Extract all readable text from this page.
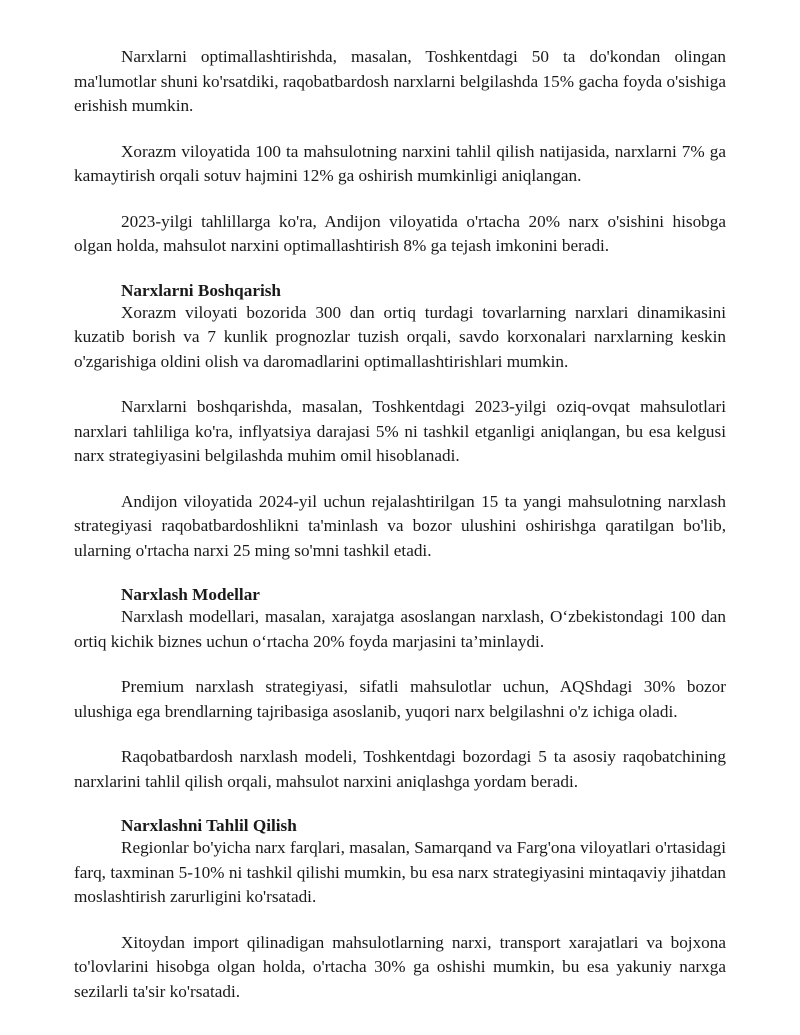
Narxlarni optimallashtirishda, masalan, Toshkentdagi 50 ta do'kondan olingan ma'lumotlar shuni ko'rsatdiki, raqobatbardosh narxlarni belgilashda 15% gacha foyda o'sishiga erishish mumkin.

Xorazm viloyatida 100 ta mahsulotning narxini tahlil qilish natijasida, narxlarni 7% ga kamaytirish orqali sotuv hajmini 12% ga oshirish mumkinligi aniqlangan.

2023-yilgi tahlillarga ko'ra, Andijon viloyatida o'rtacha 20% narx o'sishini hisobga olgan holda, mahsulot narxini optimallashtirish 8% ga tejash imkonini beradi.

Narxlarni Boshqarish

Xorazm viloyati bozorida 300 dan ortiq turdagi tovarlarning narxlari dinamikasini kuzatib borish va 7 kunlik prognozlar tuzish orqali, savdo korxonalari narxlarning keskin o'zgarishiga oldini olish va daromadlarini optimallashtirishlari mumkin.

Narxlarni boshqarishda, masalan, Toshkentdagi 2023-yilgi oziq-ovqat mahsulotlari narxlari tahliliga ko'ra, inflyatsiya darajasi 5% ni tashkil etganligi aniqlangan, bu esa kelgusi narx strategiyasini belgilashda muhim omil hisoblanadi.

Andijon viloyatida 2024-yil uchun rejalashtirilgan 15 ta yangi mahsulotning narxlash strategiyasi raqobatbardoshlikni ta'minlash va bozor ulushini oshirishga qaratilgan bo'lib, ularning o'rtacha narxi 25 ming so'mni tashkil etadi.

Narxlash Modellar

Narxlash modellari, masalan, xarajatga asoslangan narxlash, O‘zbekistondagi 100 dan ortiq kichik biznes uchun o‘rtacha 20% foyda marjasini ta’minlaydi.

Premium narxlash strategiyasi, sifatli mahsulotlar uchun, AQShdagi 30% bozor ulushiga ega brendlarning tajribasiga asoslanib, yuqori narx belgilashni o'z ichiga oladi.

Raqobatbardosh narxlash modeli, Toshkentdagi bozordagi 5 ta asosiy raqobatchining narxlarini tahlil qilish orqali, mahsulot narxini aniqlashga yordam beradi.

Narxlashni Tahlil Qilish

Regionlar bo'yicha narx farqlari, masalan, Samarqand va Farg'ona viloyatlari o'rtasidagi farq, taxminan 5-10% ni tashkil qilishi mumkin, bu esa narx strategiyasini mintaqaviy jihatdan moslashtirish zarurligini ko'rsatadi.

Xitoydan import qilinadigan mahsulotlarning narxi, transport xarajatlari va bojxona to'lovlarini hisobga olgan holda, o'rtacha 30% ga oshishi mumkin, bu esa yakuniy narxga sezilarli ta'sir ko'rsatadi.
